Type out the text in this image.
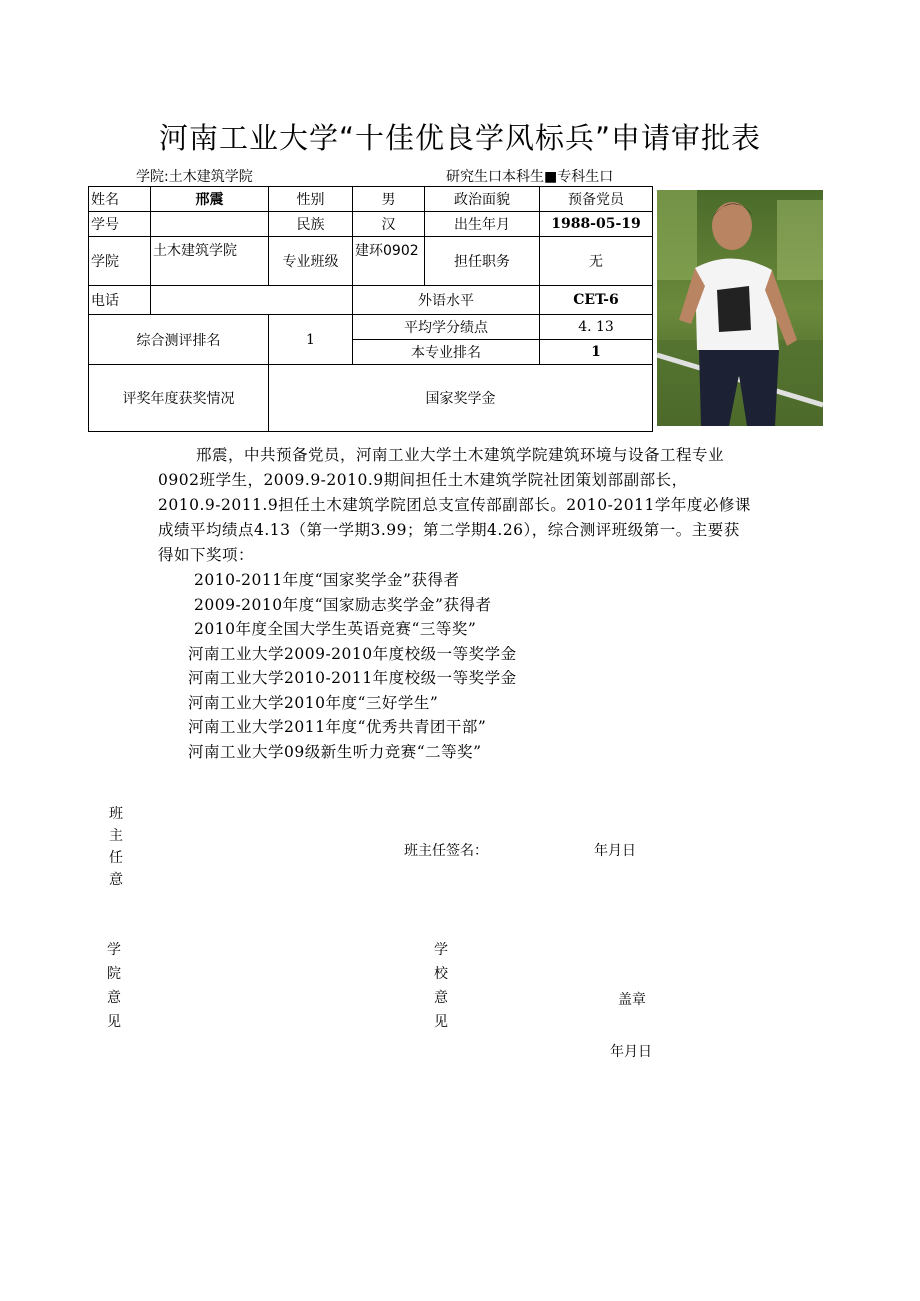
河南工业大学“十佳优良学风标兵”申请审批表
学院:土木建筑学院	研究生口本科生■专科生口
姓名	邢震	性别	男	政治面貌	预备党员
学号		民族	汉	出生年月	1988-05-19
学院	土木建筑学院	专业班级	建环0902	担任职务	无
电话			外语水平		CET-6
综合测评排名		1	平均学分绩点		4. 13
			本专业排名		1
评奖年度获奖情况		国家奖学金			

邢震，中共预备党员，河南工业大学土木建筑学院建筑环境与设备工程专业

0902班学生，2009.9-2010.9期间担任土木建筑学院社团策划部副部长，

2010.9-2011.9担任土木建筑学院团总支宣传部副部长。2010-2011学年度必修课

成绩平均绩点4.13（第一学期3.99；第二学期4.26），综合测评班级第一。主要获

得如下奖项：

2010-2011年度“国家奖学金”获得者
2009-2010年度“国家励志奖学金”获得者
2010年度全国大学生英语竞赛“三等奖”
河南工业大学2009-2010年度校级一等奖学金
河南工业大学2010-2011年度校级一等奖学金
河南工业大学2010年度“三好学生”
河南工业大学2011年度“优秀共青团干部”
河南工业大学09级新生听力竞赛“二等奖”
班
主
任
意
班主任签名：	年月日
学
院
意
见
学
校
意
见
盖章
年月日
